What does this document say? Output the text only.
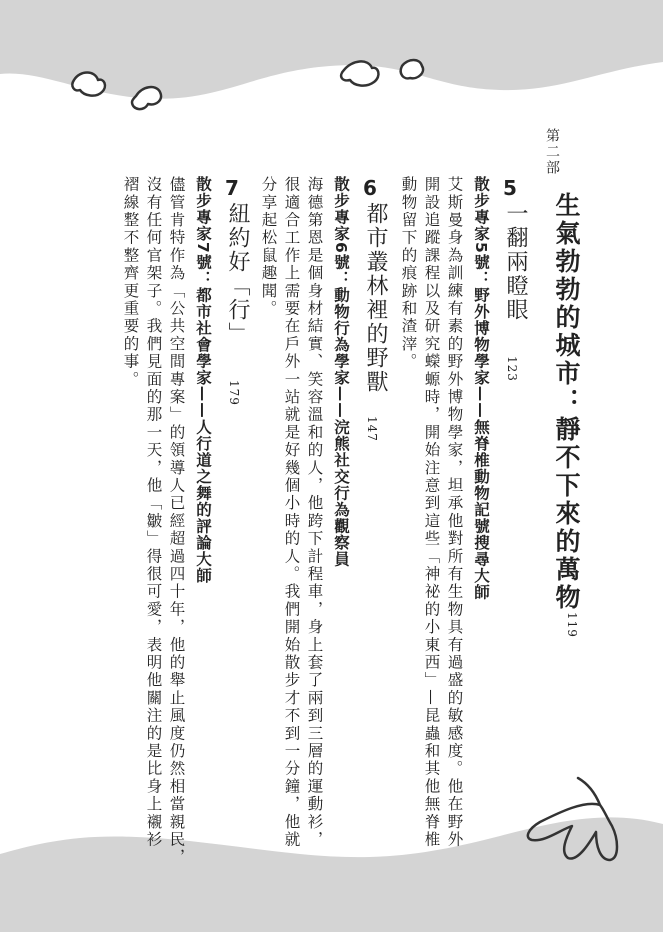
第二部
生氣勃勃的城市：靜不下來的萬物
119
5
一翻兩瞪眼
123
散步專家5號：野外博物學家——無脊椎動物記號搜尋大師
艾斯曼身為訓練有素的野外博物學家，坦承他對所有生物具有過盛的敏感度。他在野外
開設追蹤課程以及研究蠑螈時，開始注意到這些「神祕的小東西」—昆蟲和其他無脊椎
動物留下的痕跡和渣滓。
6
都市叢林裡的野獸
147
散步專家6號：動物行為學家——浣熊社交行為觀察員
海德第恩是個身材結實、笑容溫和的人，他跨下計程車，身上套了兩到三層的運動衫，
很適合工作上需要在戶外一站就是好幾個小時的人。我們開始散步才不到一分鐘，他就
分享起松鼠趣聞。
7
紐約好「行」
179
散步專家7號：都市社會學家——人行道之舞的評論大師
儘管肯特作為「公共空間專案」的領導人已經超過四十年，他的舉止風度仍然相當親民，
沒有任何官架子。我們見面的那一天，他「皺」得很可愛，表明他關注的是比身上襯衫
褶線整不整齊更重要的事。
